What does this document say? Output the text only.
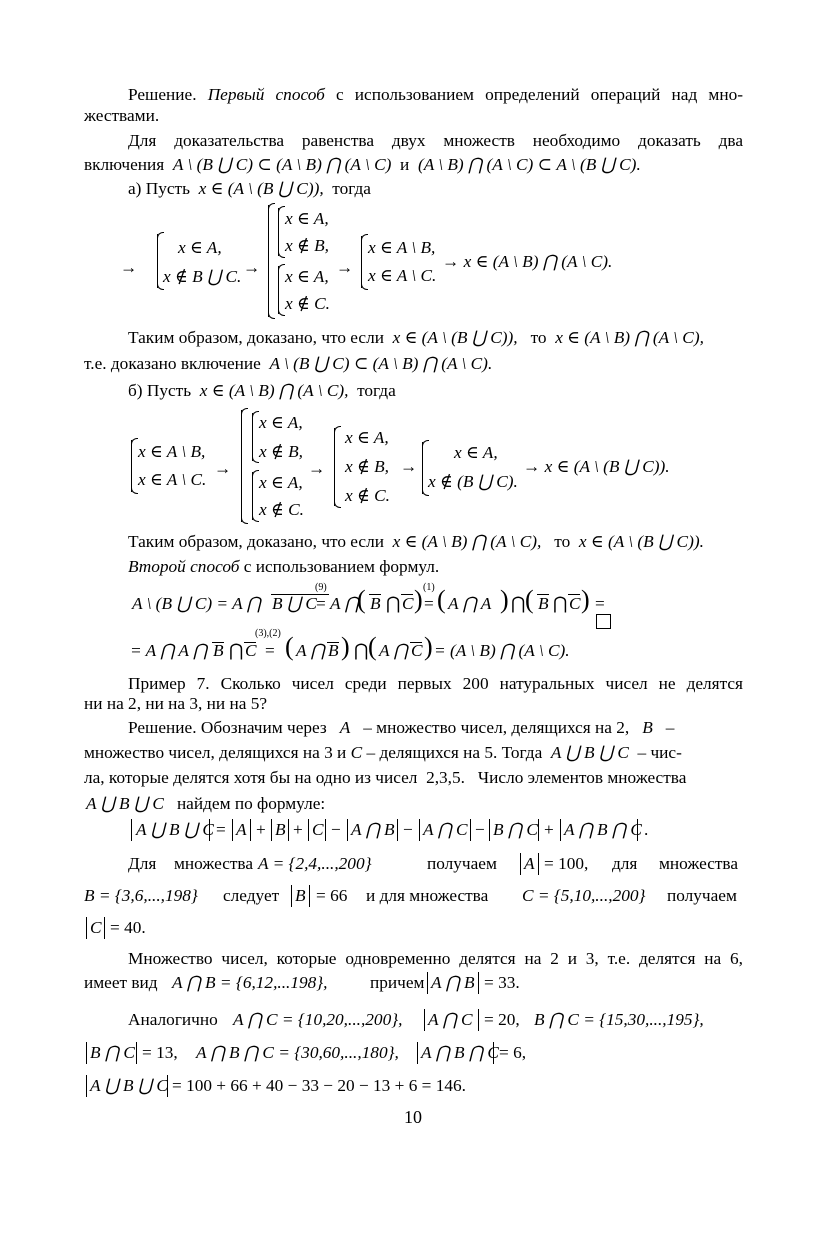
Решение. Первый способ с использованием определений операций над мно-
жествами.
Для доказательства равенства двух множеств необходимо доказать два
включения A \ (B ⋃ C) ⊂ (A \ B) ⋂ (A \ C) и (A \ B) ⋂ (A \ C) ⊂ A \ (B ⋃ C).
а) Пусть x ∈ (A \ (B ⋃ C)), тогда
→
x ∈ A,
x ∉ B ⋃ C. →
x ∈ A,
x ∉ B,
x ∈ A,
x ∉ C.
→
x ∈ A \ B,
x ∈ A \ C.
→ x ∈ (A \ B) ⋂ (A \ C).
Таким образом, доказано, что если x ∈ (A \ (B ⋃ C)), то x ∈ (A \ B) ⋂ (A \ C),
т.е. доказано включение A \ (B ⋃ C) ⊂ (A \ B) ⋂ (A \ C).
б) Пусть x ∈ (A \ B) ⋂ (A \ C), тогда
x ∈ A \ B,
x ∈ A \ C.
→
x ∈ A,
x ∉ B,
x ∈ A,
x ∉ C.
→
x ∈ A,
x ∉ B, →
x ∉ C.
x ∈ A,
x ∉ (B ⋃ C).
→ x ∈ (A \ (B ⋃ C)).
Таким образом, доказано, что если x ∈ (A \ B) ⋂ (A \ C), то x ∈ (A \ (B ⋃ C)).
Второй способ с использованием формул.
A \ (B ⋃ C) = A ⋂ B ⋃ C
(9)
= A ⋂
( B ⋂ C ) (1)
= ( A ⋂ A ) ⋂ ( B ⋂ C ) =
= A ⋂ A ⋂ B ⋂ C
(3),(2)
= ( A ⋂ B ) ⋂ ( A ⋂ C ) = (A \ B) ⋂ (A \ C).
Пример 7. Сколько чисел среди первых 200 натуральных чисел не делятся
ни на 2, ни на 3, ни на 5?
Решение. Обозначим через A – множество чисел, делящихся на 2, B –
множество чисел, делящихся на 3 и C – делящихся на 5. Тогда A ⋃ B ⋃ C – чис-
ла, которые делятся хотя бы на одно из чисел 2,3,5. Число элементов множества
A ⋃ B ⋃ C найдем по формуле:
A ⋃ B ⋃ C = A + B + C − A ⋂ B − A ⋂ C − B ⋂ C + A ⋂ B ⋂ C .
Для множества A = {2,4,...,200}	получаем A = 100, для множества
B = {3,6,...,198} следует B = 66 и для множества C = {5,10,...,200} получаем
C = 40.
Множество чисел, которые одновременно делятся на 2 и 3, т.е. делятся на 6,
имеет вид A ⋂ B = {6,12,...198}, причем A ⋂ B = 33.
Аналогично A ⋂ C = {10,20,...,200}, A ⋂ C = 20, B ⋂ C = {15,30,...,195},
B ⋂ C = 13, A ⋂ B ⋂ C = {30,60,...,180}, A ⋂ B ⋂ C = 6,
A ⋃ B ⋃ C = 100 + 66 + 40 − 33 − 20 − 13 + 6 = 146.
10
